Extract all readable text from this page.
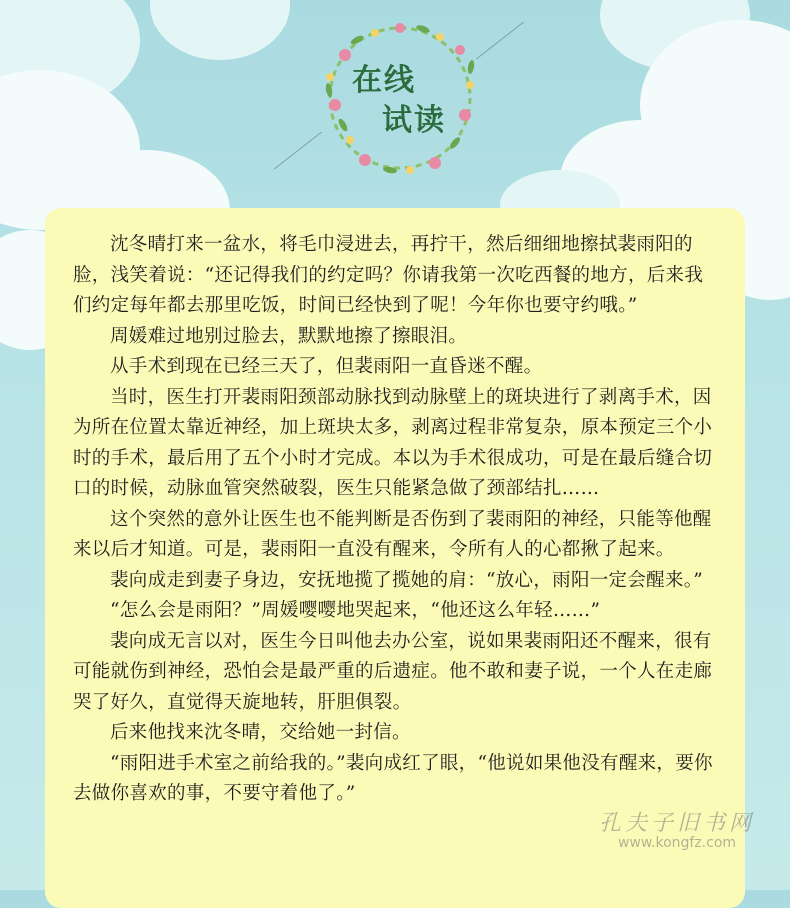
在线
试读

沈冬晴打来一盆水，将毛巾浸进去，再拧干，然后细细地擦拭裴雨阳的脸，浅笑着说：“还记得我们的约定吗？你请我第一次吃西餐的地方，后来我们约定每年都去那里吃饭，时间已经快到了呢！今年你也要守约哦。”

周媛难过地别过脸去，默默地擦了擦眼泪。

从手术到现在已经三天了，但裴雨阳一直昏迷不醒。

当时，医生打开裴雨阳颈部动脉找到动脉壁上的斑块进行了剥离手术，因为所在位置太靠近神经，加上斑块太多，剥离过程非常复杂，原本预定三个小时的手术，最后用了五个小时才完成。本以为手术很成功，可是在最后缝合切口的时候，动脉血管突然破裂，医生只能紧急做了颈部结扎……

这个突然的意外让医生也不能判断是否伤到了裴雨阳的神经，只能等他醒来以后才知道。可是，裴雨阳一直没有醒来，令所有人的心都揪了起来。

裴向成走到妻子身边，安抚地揽了揽她的肩：“放心，雨阳一定会醒来。”

“怎么会是雨阳？”周媛嘤嘤地哭起来，“他还这么年轻……”

裴向成无言以对，医生今日叫他去办公室，说如果裴雨阳还不醒来，很有可能就伤到神经，恐怕会是最严重的后遗症。他不敢和妻子说，一个人在走廊哭了好久，直觉得天旋地转，肝胆俱裂。

后来他找来沈冬晴，交给她一封信。

“雨阳进手术室之前给我的。”裴向成红了眼，“他说如果他没有醒来，要你去做你喜欢的事，不要守着他了。”

孔夫子旧书网
www.kongfz.com
